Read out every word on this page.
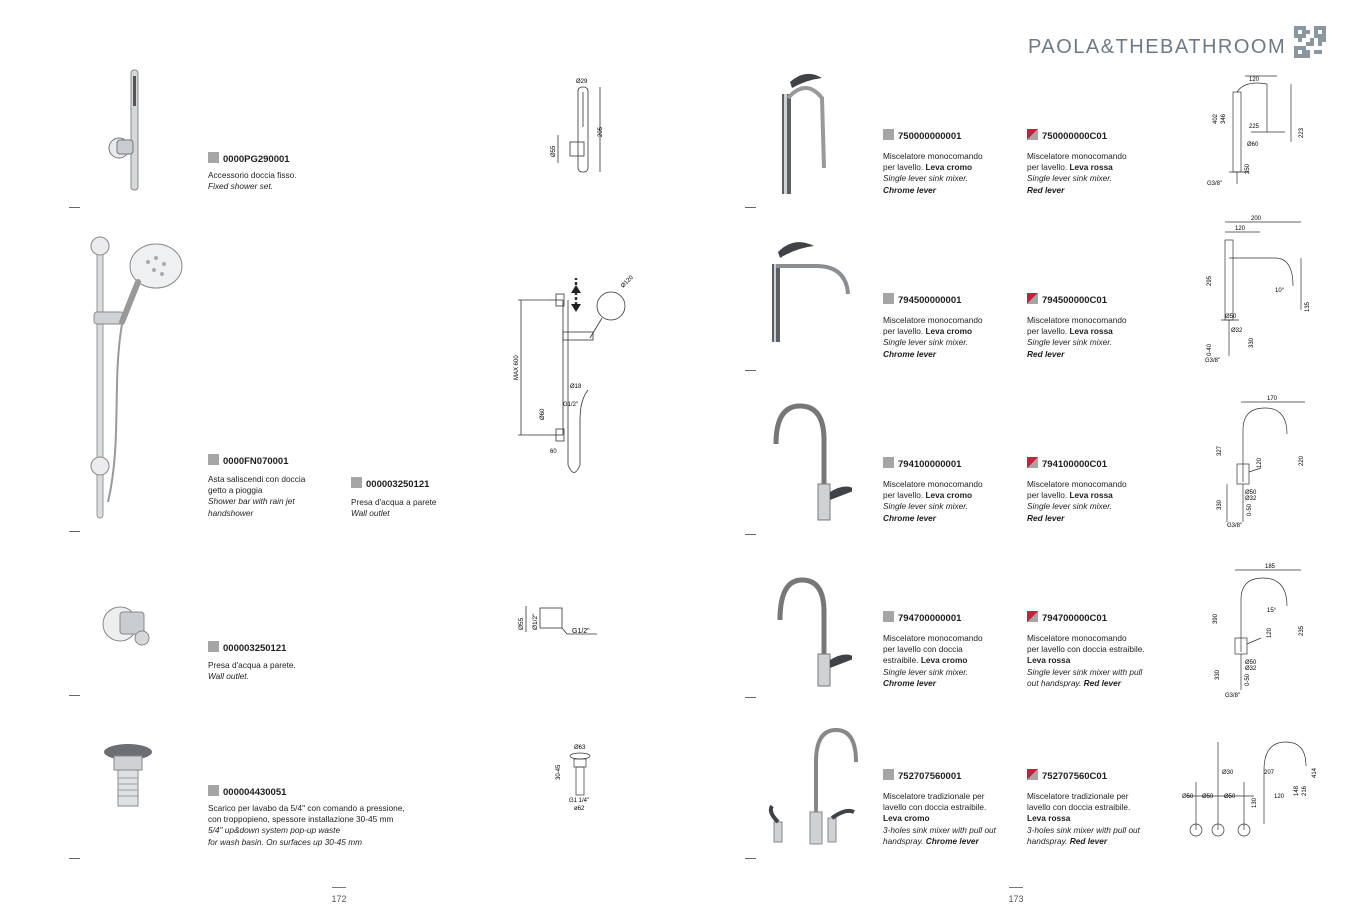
PAOLA&THEBATHROOM
0000PG290001
Accessorio doccia fisso.
Fixed shower set.
Ø29
205
Ø55
0000FN070001
Asta saliscendi con doccia
getto a pioggia
Shower bar with rain jet
handshower
000003250121
Presa d'acqua a parete
Wall outlet
Ø120
MAX 600
Ø18
G1/2"
Ø60
60
000003250121
Presa d'acqua a parete.
Wall outlet.
Ø55 Ø1/2"
G1/2"
000004430051
Scarico per lavabo da 5/4" con comando a pressione,
con troppopieno, spessore installazione 30-45 mm
5/4" up&down system pop-up waste
for wash basin. On surfaces up 30-45 mm
Ø63
30-45
G1 1/4"
ø62
750000000001
Miscelatore monocomando
per lavello. Leva cromo
Single lever sink mixer.
Chrome lever
750000000C01
Miscelatore monocomando
per lavello. Leva rossa
Single lever sink mixer.
Red lever
794500000001
Miscelatore monocomando
per lavello. Leva cromo
Single lever sink mixer.
Chrome lever
794500000C01
Miscelatore monocomando
per lavello. Leva rossa
Single lever sink mixer.
Red lever
794100000001
Miscelatore monocomando
per lavello. Leva cromo
Single lever sink mixer.
Chrome lever
794100000C01
Miscelatore monocomando
per lavello. Leva rossa
Single lever sink mixer.
Red lever
794700000001
Miscelatore monocomando
per lavello con doccia
estraibile. Leva cromo
Single lever sink mixer.
Chrome lever
794700000C01
Miscelatore monocomando
per lavello con doccia estraibile.
Leva rossa
Single lever sink mixer with pull
out handspray. Red lever
752707560001
Miscelatore tradizionale per
lavello con doccia estraibile.
Leva cromo
3-holes sink mixer with pull out
handspray. Chrome lever
752707560C01
Miscelatore tradizionale per
lavello con doccia estraibile.
Leva rossa
3-holes sink mixer with pull out
handspray. Red lever
120
402 346
225
223
Ø60
350
G3/8"
200
120
295
10°
135
Ø50
Ø32
0-40
330
G3/8"
170
327
120	220
Ø50
Ø32
330	0-50
G3/8"
185
390
15°
120	235
Ø50
Ø32
330	0-50
G3/8"
Ø30	207	414
Ø50 Ø50 Ø50	120
216
148
130
172	173
